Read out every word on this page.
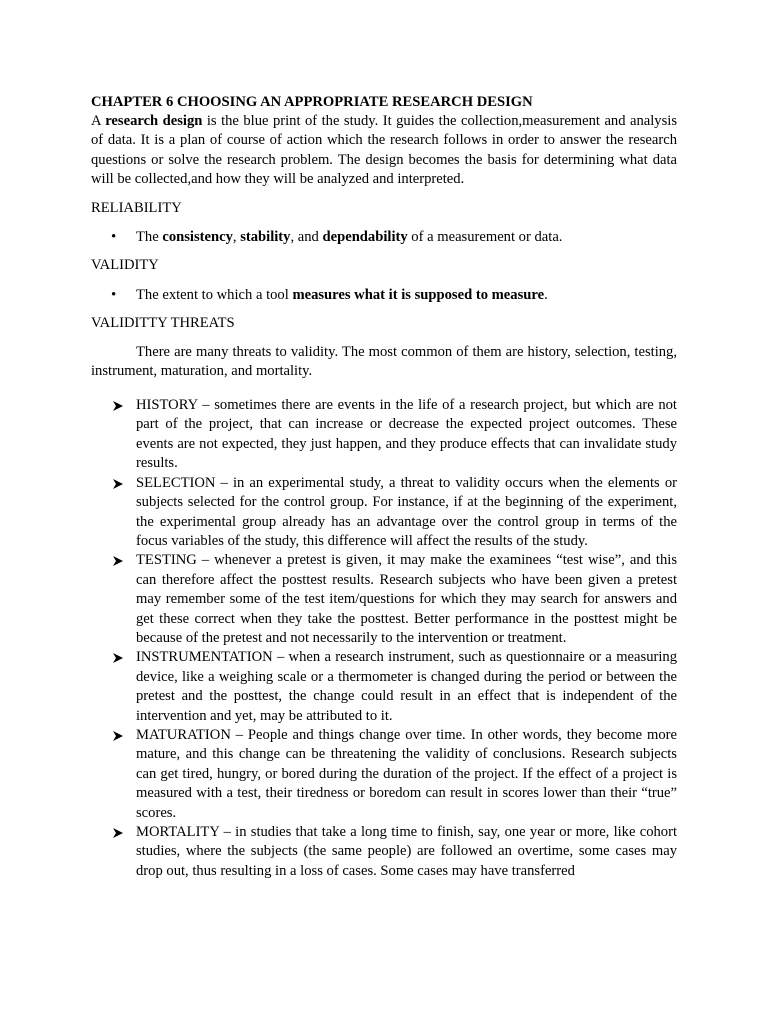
CHAPTER 6 CHOOSING AN APPROPRIATE RESEARCH DESIGN

A research design is the blue print of the study. It guides the collection,measurement and analysis of data. It is a plan of course of action which the research follows in order to answer the research questions or solve the research problem. The design becomes the basis for determining what data will be collected,and how they will be analyzed and interpreted.

RELIABILITY

• The consistency, stability, and dependability of a measurement or data.

VALIDITY

• The extent to which a tool measures what it is supposed to measure.

VALIDITTY THREATS

There are many threats to validity. The most common of them are history, selection, testing, instrument, maturation, and mortality.

HISTORY – sometimes there are events in the life of a research project, but which are not part of the project, that can increase or decrease the expected project outcomes. These events are not expected, they just happen, and they produce effects that can invalidate study results.
SELECTION – in an experimental study, a threat to validity occurs when the elements or subjects selected for the control group. For instance, if at the beginning of the experiment, the experimental group already has an advantage over the control group in terms of the focus variables of the study, this difference will affect the results of the study.
TESTING – whenever a pretest is given, it may make the examinees “test wise”, and this can therefore affect the posttest results. Research subjects who have been given a pretest may remember some of the test item/questions for which they may search for answers and get these correct when they take the posttest. Better performance in the posttest might be because of the pretest and not necessarily to the intervention or treatment.
INSTRUMENTATION – when a research instrument, such as questionnaire or a measuring device, like a weighing scale or a thermometer is changed during the period or between the pretest and the posttest, the change could result in an effect that is independent of the intervention and yet, may be attributed to it.
MATURATION – People and things change over time. In other words, they become more mature, and this change can be threatening the validity of conclusions. Research subjects can get tired, hungry, or bored during the duration of the project. If the effect of a project is measured with a test, their tiredness or boredom can result in scores lower than their “true” scores.
MORTALITY – in studies that take a long time to finish, say, one year or more, like cohort studies, where the subjects (the same people) are followed an overtime, some cases may drop out, thus resulting in a loss of cases. Some cases may have transferred
